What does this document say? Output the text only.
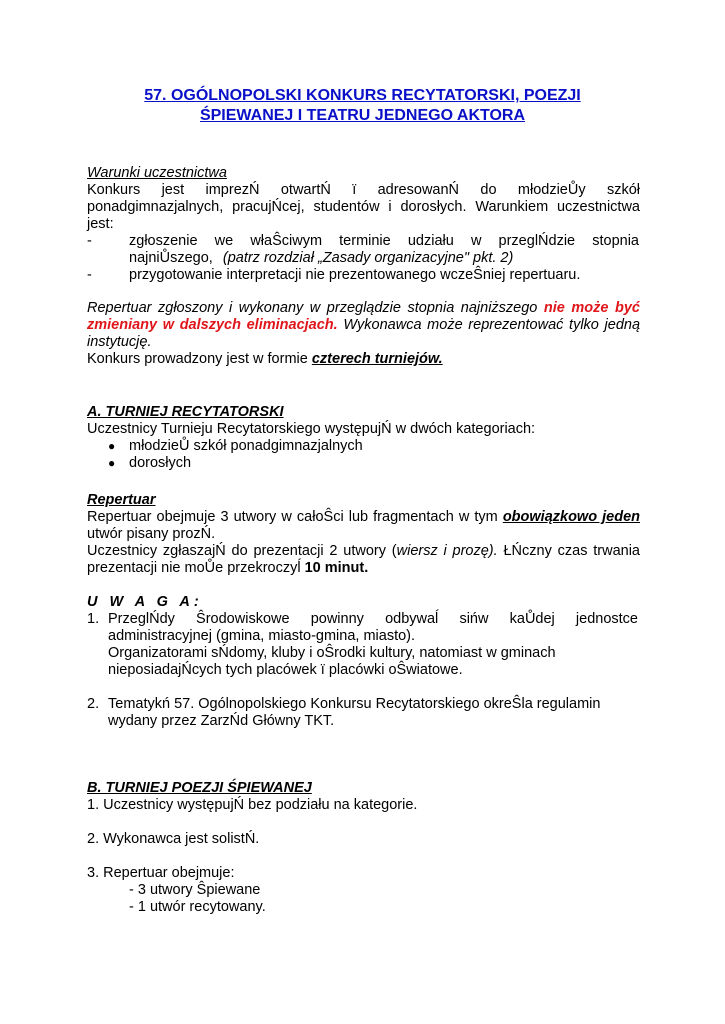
57. OGÓLNOPOLSKI KONKURS RECYTATORSKI, POEZJI
ŚPIEWANEJ I TEATRU JEDNEGO AKTORA
Warunki uczestnictwa
Konkurs jest imprezŃ otwartŃ ï adresowanŃ do młodzieŮy szkół
ponadgimnazjalnych, pracujŃcej, studentów i dorosłych. Warunkiem uczestnictwa
jest:
-	zgłoszenie we właŜciwym terminie udziału w przeglŃdzie stopnia
najniŮszego, (patrz rozdział „Zasady organizacyjne" pkt. 2)
-	przygotowanie interpretacji nie prezentowanego wczeŜniej repertuaru.
Repertuar zgłoszony i wykonany w przeglądzie stopnia najniższego nie może być
zmieniany w dalszych eliminacjach. Wykonawca może reprezentować tylko jedną
instytucję.
Konkurs prowadzony jest w formie czterech turniejów.
A. TURNIEJ RECYTATORSKI
Uczestnicy Turnieju Recytatorskiego występujŃ w dwóch kategoriach:
● młodzieŮ szkół ponadgimnazjalnych
● dorosłych
Repertuar
Repertuar obejmuje 3 utwory w całoŜci lub fragmentach w tym obowiązkowo jeden
utwór pisany prozŃ.
Uczestnicy zgłaszajŃ do prezentacji 2 utwory (wiersz i prozę). ŁŃczny czas trwania
prezentacji nie moŮe przekroczyĺ 10 minut.
U W A G A:
1. PrzeglŃdy Ŝrodowiskowe powinny odbywaĺ sińw kaŮdej jednostce
administracyjnej (gmina, miasto-gmina, miasto).
Organizatorami sŃdomy, kluby i oŜrodki kultury, natomiast w gminach
nieposiadajŃcych tych placówek ï placówki oŜwiatowe.
2. Tematykń 57. Ogólnopolskiego Konkursu Recytatorskiego okreŜla regulamin
wydany przez ZarzŃd Główny TKT.
B. TURNIEJ POEZJI ŚPIEWANEJ
1. Uczestnicy występujŃ bez podziału na kategorie.
2. Wykonawca jest solistŃ.
3. Repertuar obejmuje:
- 3 utwory Ŝpiewane
- 1 utwór recytowany.
